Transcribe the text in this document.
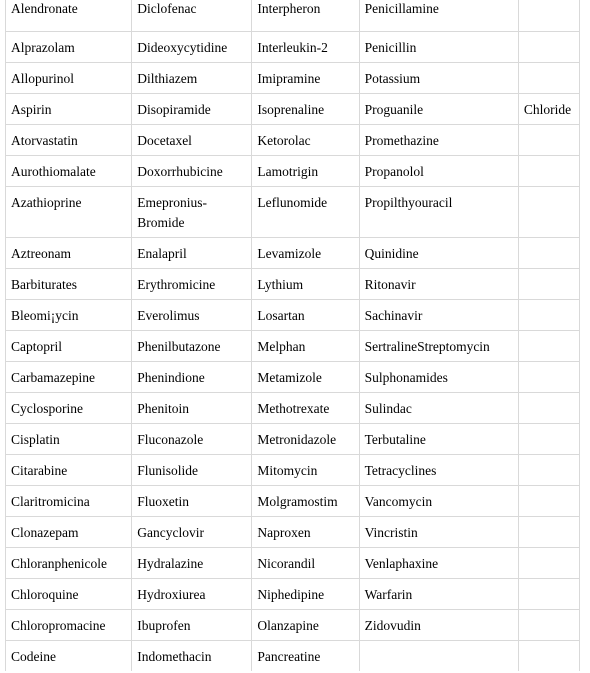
Alendronate	Diclofenac	Interpheron	Penicillamine	
Alprazolam	Dideoxycytidine	Interleukin-2	Penicillin	
Allopurinol	Dilthiazem	Imipramine	Potassium	
Aspirin	Disopiramide	Isoprenaline	Proguanile	Chloride
Atorvastatin	Docetaxel	Ketorolac	Promethazine	
Aurothiomalate	Doxorrhubicine	Lamotrigin	Propanolol	
Azathioprine	Emepronius-Bromide	Leflunomide	Propilthyouracil	
Aztreonam	Enalapril	Levamizole	Quinidine	
Barbiturates	Erythromicine	Lythium	Ritonavir	
Bleomi¡ycin	Everolimus	Losartan	Sachinavir	
Captopril	Phenilbutazone	Melphan	SertralineStreptomycin	
Carbamazepine	Phenindione	Metamizole	Sulphonamides	
Cyclosporine	Phenitoin	Methotrexate	Sulindac	
Cisplatin	Fluconazole	Metronidazole	Terbutaline	
Citarabine	Flunisolide	Mitomycin	Tetracyclines	
Claritromicina	Fluoxetin	Molgramostim	Vancomycin	
Clonazepam	Gancyclovir	Naproxen	Vincristin	
Chloranphenicole	Hydralazine	Nicorandil	Venlaphaxine	
Chloroquine	Hydroxiurea	Niphedipine	Warfarin	
Chloropromacine	Ibuprofen	Olanzapine	Zidovudin	
Codeine	Indomethacin	Pancreatine		
